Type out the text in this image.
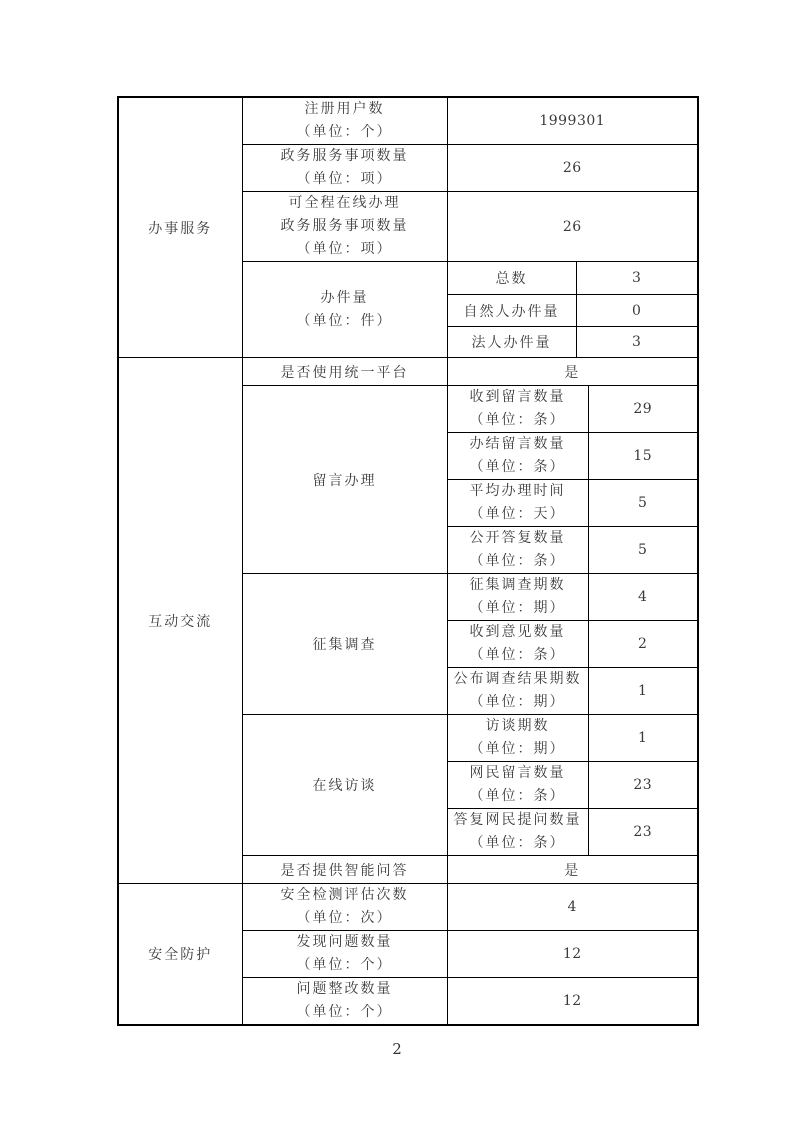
办事服务	注册用户数
（单位：个）	1999301		

	政务服务事项数量
（单位：项）	26		

	可全程在线办理
政务服务事项数量
（单位：项）	26		

	办件量
（单位：件）	总数	3	
		自然人办件量	0	
		法人办件量	3	
互动交流	是否使用统一平台	是		
	留言办理	收到留言数量
（单位：条）		29

		办结留言数量
（单位：条）		15

		平均办理时间
（单位：天）		5

		公开答复数量
（单位：条）		5
	征集调查	征集调查期数
（单位：期）		4

		收到意见数量
（单位：条）		2

		公布调查结果期数
（单位：期）		1
	在线访谈	访谈期数
（单位：期）		1

		网民留言数量
（单位：条）		23

		答复网民提问数量
（单位：条）		23
	是否提供智能问答	是		
安全防护	安全检测评估次数
（单位：次）	4		

	发现问题数量
（单位：个）	12		

	问题整改数量
（单位：个）	12		
2
